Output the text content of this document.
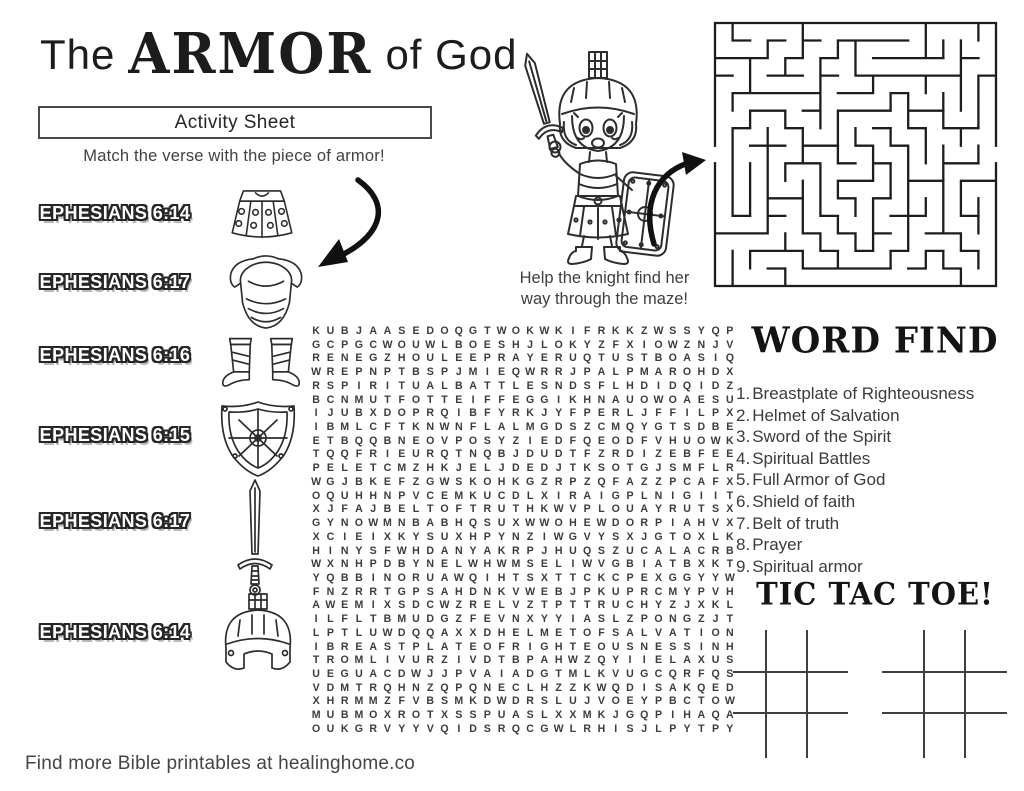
The ARMOR of God
Activity Sheet
Match the verse with the piece of armor!
EPHESIANS 6:14
EPHESIANS 6:17
EPHESIANS 6:16
EPHESIANS 6:15
EPHESIANS 6:17
EPHESIANS 6:14
Help the knight find her
way through the maze!
K U B J A A S E D O Q G T W O K W K I F R K K Z W S S Y Q P
G C P G C W O U W L B O E S H J L O K Y Z F X I O W Z N J V
R E N E G Z H O U L E E P R A Y E R U Q T U S T B O A S I Q
W R E P N P T B S P J M I E Q W R R J P A L P M A R O H D X
R S P I R I T U A L B A T T L E S N D S F L H D I D Q I D Z
B C N M U T F O T T E I F F E G G I K H N A U O W O A E S U
I J U B X D O P R Q I B F Y R K J Y F P E R L J F F I L P X
I B M L C F T K N W N F L A L M G D S Z C M Q Y G T S D B E
E T B Q Q B N E O V P O S Y Z I E D F Q E O D F V H U O W K
T Q Q F R I E U R Q T N Q B J D U D T F Z R D I Z E B F E E
P E L E T C M Z H K J E L J D E D J T K S O T G J S M F L R
W G J B K E F Z G W S K O H K G Z R P Z Q F A Z Z P C A F X
O Q U H H N P V C E M K U C D L X I R A I G P L N I G I	I T
X J F A J B E L T O F T R U T H K W V P L O U A Y R U T S X
G Y N O W M N B A B H Q S U X W W O H E W D O R P I A H V X
X C I E I X K Y S U X H P Y N Z I W G V Y S X J G T O X L K
H I N Y S F W H D A N Y A K R P J H U Q S Z U C A L A C R B
W X N H P D B Y N E L W H W M S E L I W V G B I A T B X K T
Y Q B B I N O R U A W Q I H T S X T T C K C P E X G G Y Y W
F N Z R R T G P S A H D N K V W E B J P K U P R C M Y P V H
A W E M I X S D C W Z R E L V Z T P T T R U C H Y Z J X K L
I L F L T B M U D G Z F E V N X Y Y I A S L Z P O N G Z J T
L P T L U W D Q Q A X X D H E L M E T O F S A L V A T I O N
I B R E A S T P L A T E O F R I G H T E O U S N E S S I N H
T R O M L I V U R Z I V D T B P A H W Z Q Y I	I E L A X U S
U E G U A C D W J J P V A I A D G T M L K V U G C Q R F Q S
V D M T R Q H N Z Q P Q N E C L H Z Z K W Q D I S A K Q E D
X H R M M Z F V B S M K D W D R S L U J V O E Y P B C T O W
M U B M O X R O T X S S P U A S L X X M K J G Q P I H A Q A
O U K G R V Y Y V Q I D S R Q C G W L R H I S J L P Y T P Y
WORD FIND
1. Breastplate of Righteousness
2. Helmet of Salvation
3. Sword of the Spirit
4. Spiritual Battles
5. Full Armor of God
6. Shield of faith
7. Belt of truth
8. Prayer
9. Spiritual armor
TIC TAC TOE!
Find more Bible printables at healinghome.co
